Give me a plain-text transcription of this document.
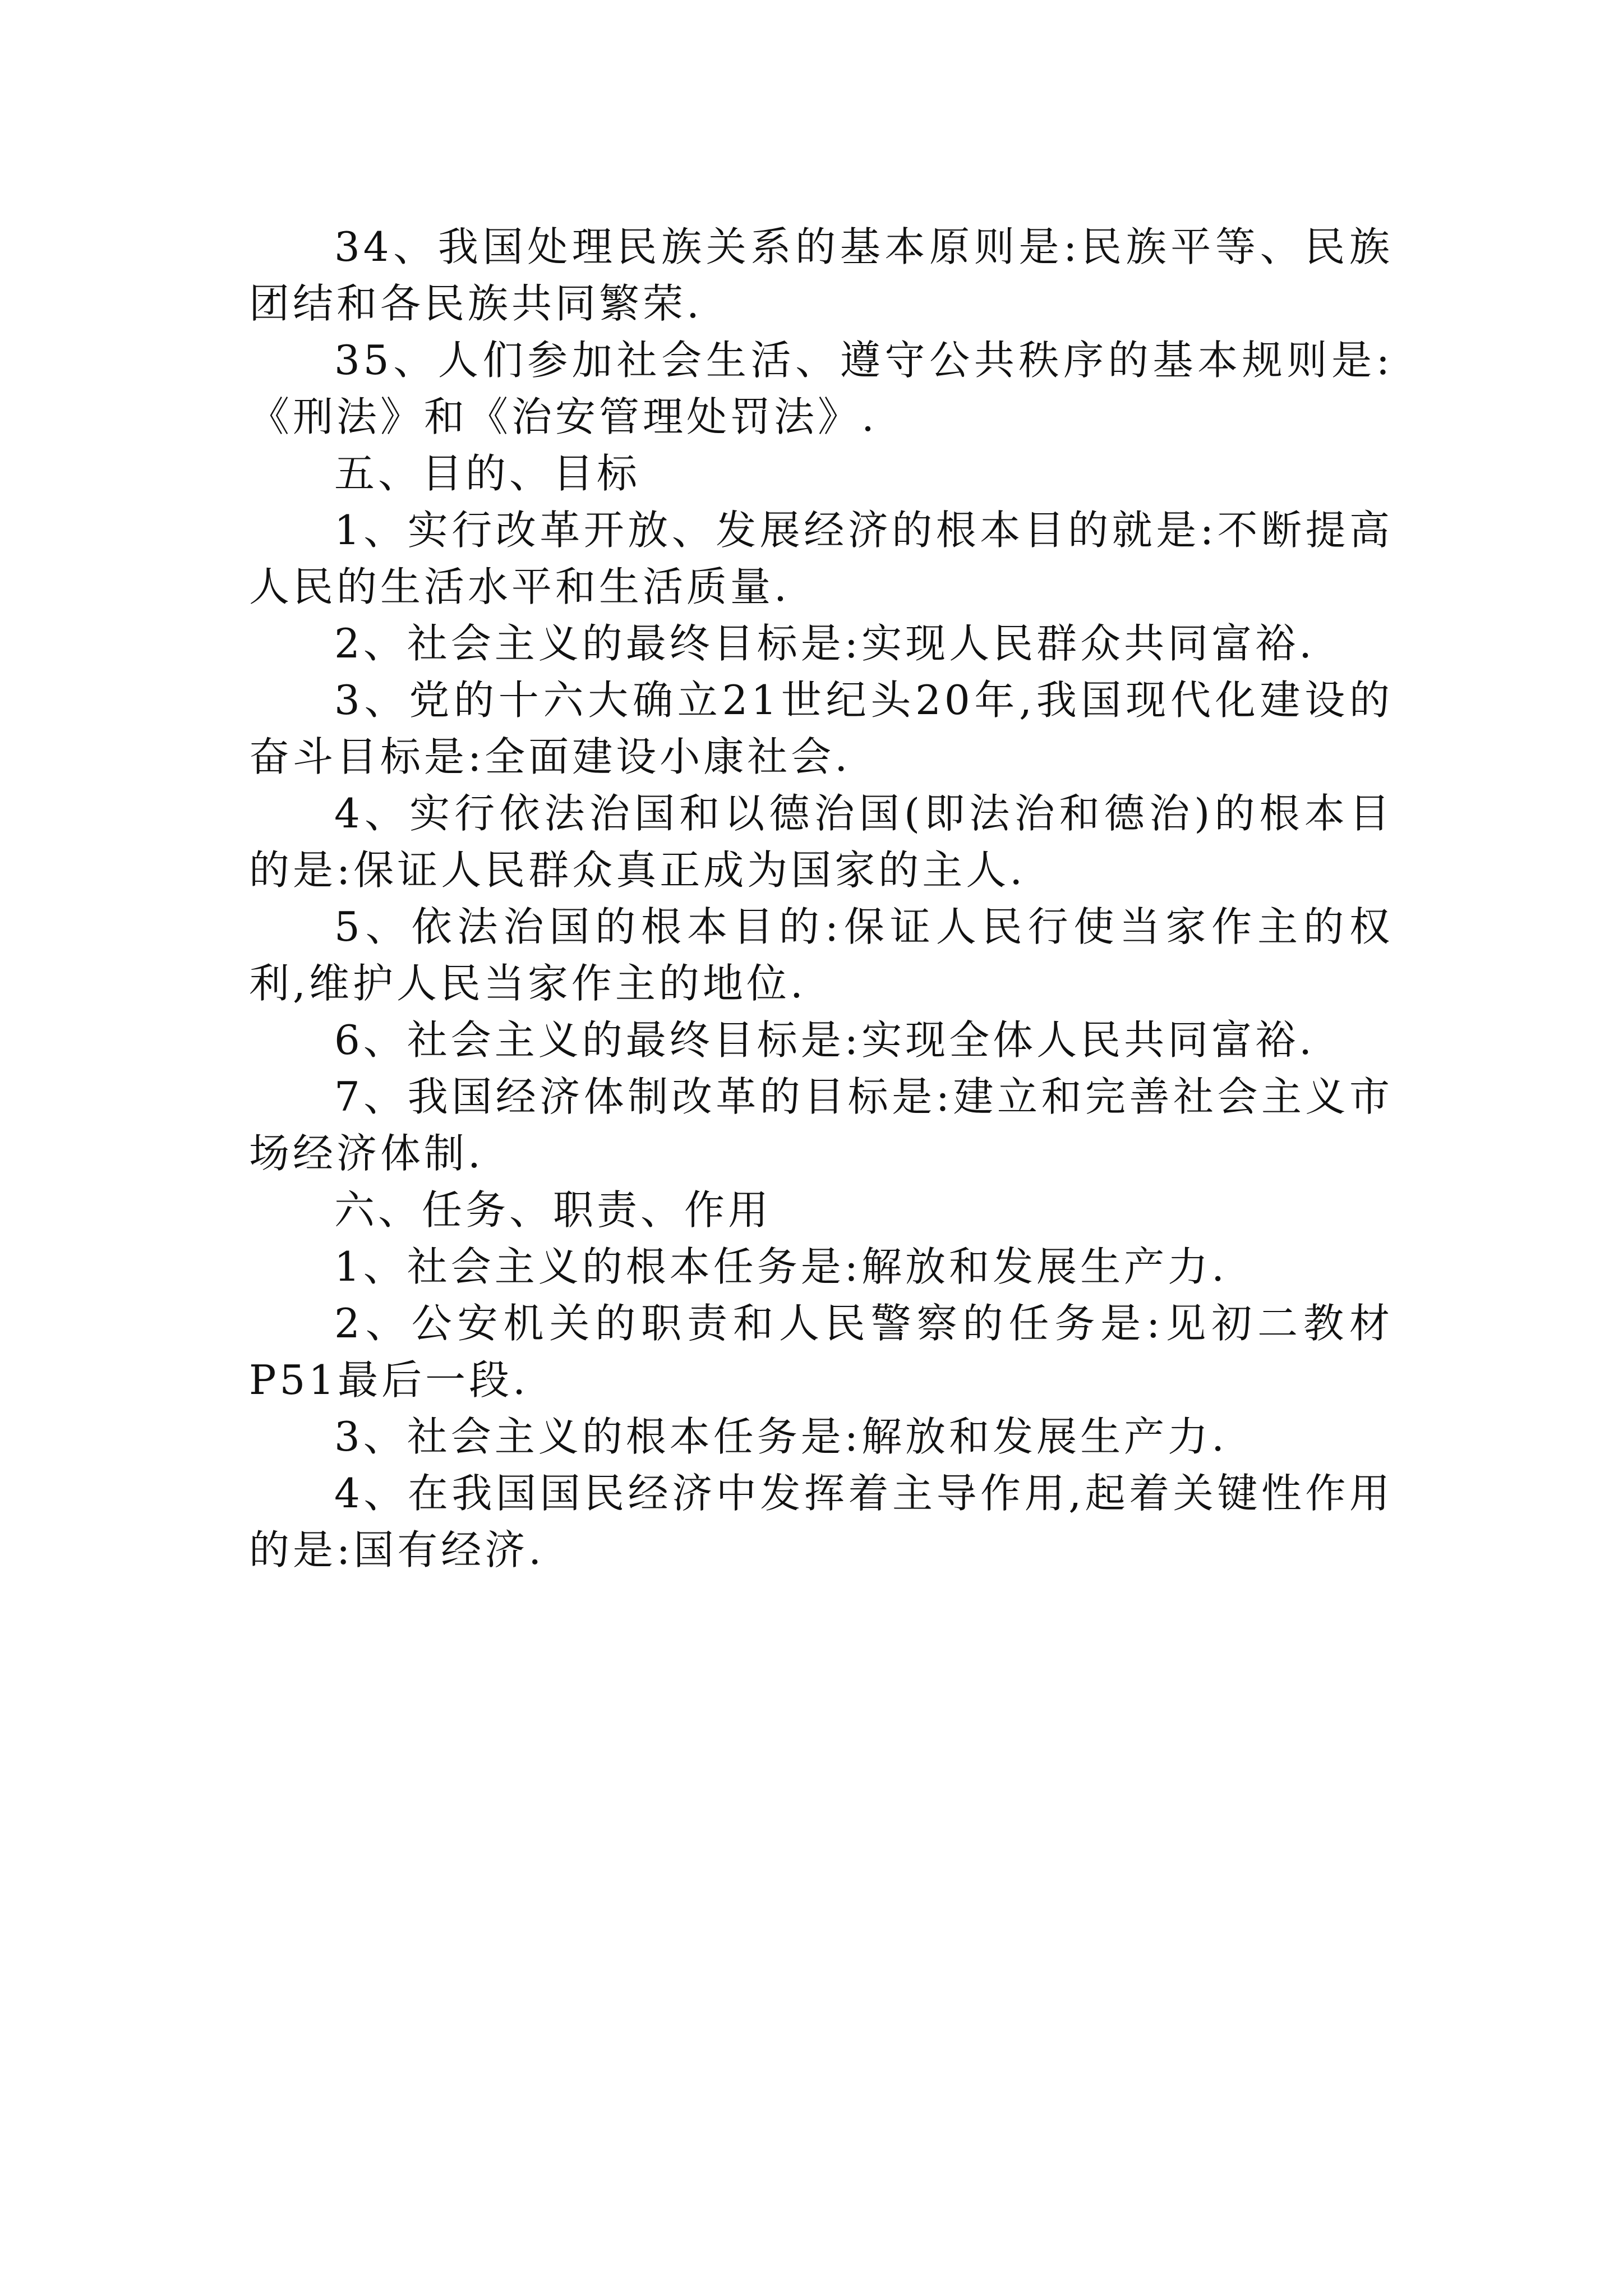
34、我国处理民族关系的基本原则是:民族平等、民族团结和各民族共同繁荣.

35、人们参加社会生活、遵守公共秩序的基本规则是:《刑法》和《治安管理处罚法》.

五、目的、目标

1、实行改革开放、发展经济的根本目的就是:不断提高人民的生活水平和生活质量.

2、社会主义的最终目标是:实现人民群众共同富裕.

3、党的十六大确立21世纪头20年,我国现代化建设的奋斗目标是:全面建设小康社会.

4、实行依法治国和以德治国(即法治和德治)的根本目的是:保证人民群众真正成为国家的主人.

5、依法治国的根本目的:保证人民行使当家作主的权利,维护人民当家作主的地位.

6、社会主义的最终目标是:实现全体人民共同富裕.

7、我国经济体制改革的目标是:建立和完善社会主义市场经济体制.

六、任务、职责、作用

1、社会主义的根本任务是:解放和发展生产力.

2、公安机关的职责和人民警察的任务是:见初二教材P51最后一段.

3、社会主义的根本任务是:解放和发展生产力.

4、在我国国民经济中发挥着主导作用,起着关键性作用的是:国有经济.
